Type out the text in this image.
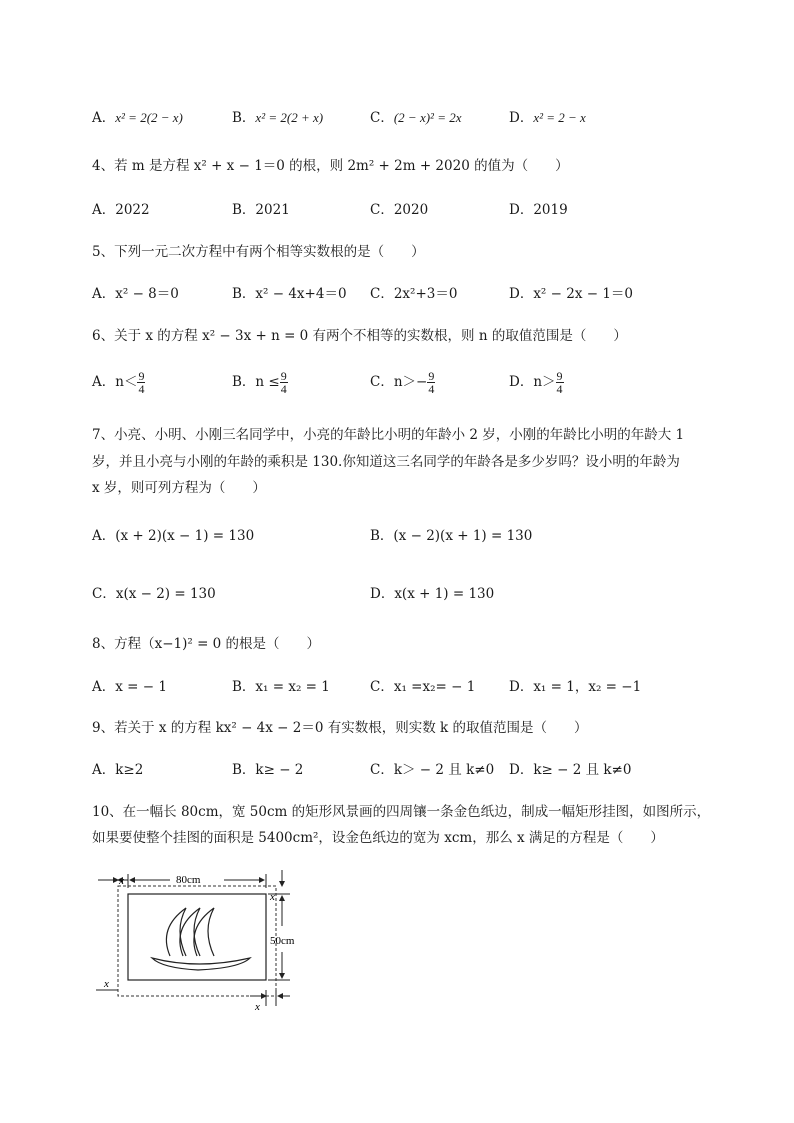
A．x² = 2(2 − x)	B．x² = 2(2 + x)	C．(2 − x)² = 2x	D．x² = 2 − x
4、若 m 是方程 x² + x − 1＝0 的根，则 2m² + 2m + 2020 的值为（　　）
A．2022	B．2021	C．2020	D．2019
5、下列一元二次方程中有两个相等实数根的是（　　）
A．x² − 8＝0	B．x² − 4x+4＝0 C．2x²+3＝0	D．x² − 2x − 1＝0
6、关于 x 的方程 x² − 3x + n = 0 有两个不相等的实数根，则 n 的取值范围是（　　）
A．$n< \frac{9}{4}$	B．$n \le \frac{9}{4}$	C．$n>- \frac{9}{4}$	D．$n> \frac{9}{4}$
7、小亮、小明、小刚三名同学中，小亮的年龄比小明的年龄小 2 岁，小刚的年龄比小明的年龄大 1
岁，并且小亮与小刚的年龄的乘积是 130.你知道这三名同学的年龄各是多少岁吗？设小明的年龄为
x 岁，则可列方程为（　　）
A．(x + 2)(x − 1) = 130	B．(x − 2)(x + 1) = 130
C．x(x − 2) = 130	D．x(x + 1) = 130
8、方程（x−1)² = 0 的根是（　　）
A．x = − 1	B．x₁ = x₂ = 1	C．x₁ =x₂= − 1 D．x₁ = 1，x₂ = −1
9、若关于 x 的方程 kx² − 4x − 2＝0 有实数根，则实数 k 的取值范围是（　　）
A．k≥2	B．k≥ − 2	C．k＞ − 2 且 k≠0 D．k≥ − 2 且 k≠0
10、在一幅长 80cm，宽 50cm 的矩形风景画的四周镶一条金色纸边，制成一幅矩形挂图，如图所示，
如果要使整个挂图的面积是 5400cm²，设金色纸边的宽为 xcm，那么 x 满足的方程是（　　）
x	80cm
x
50cm
x
x
